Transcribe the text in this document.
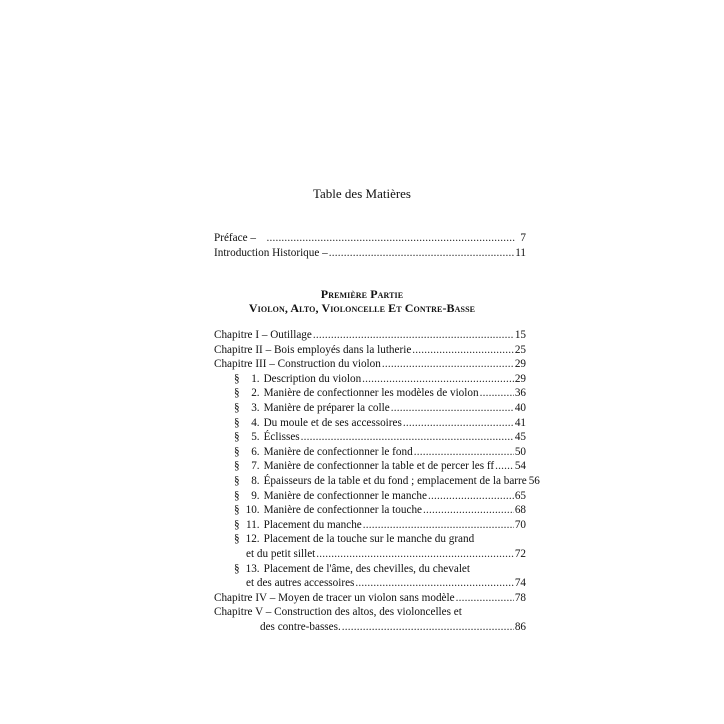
Table des Matières
Préface – .....	7
Introduction Historique – .....	11
Première Partie
Violon, Alto, Violoncelle Et Contre-Basse
Chapitre I – Outillage .....	15
Chapitre II – Bois employés dans la lutherie .....	25
Chapitre III – Construction du violon .....	29
§	1. Description du violon .....	29
§	2. Manière de confectionner les modèles de violon .....	36
§	3. Manière de préparer la colle .....	40
§	4. Du moule et de ses accessoires .....	41
§	5. Éclisses .....	45
§	6. Manière de confectionner le fond .....	50
§	7. Manière de confectionner la table et de percer les ff ..... 54
§	8. Épaisseurs de la table et du fond ; emplacement de la barre 56
§	9. Manière de confectionner le manche .....	65
§ 10. Manière de confectionner la touche .....	68
§ 11. Placement du manche .....	70
§ 12. Placement de la touche sur le manche du grand
et du petit sillet .....	72
§ 13. Placement de l'âme, des chevilles, du chevalet
et des autres accessoires .....	74
Chapitre IV – Moyen de tracer un violon sans modèle .....	78
Chapitre V – Construction des altos, des violoncelles et
des contre-basses. .....	86
